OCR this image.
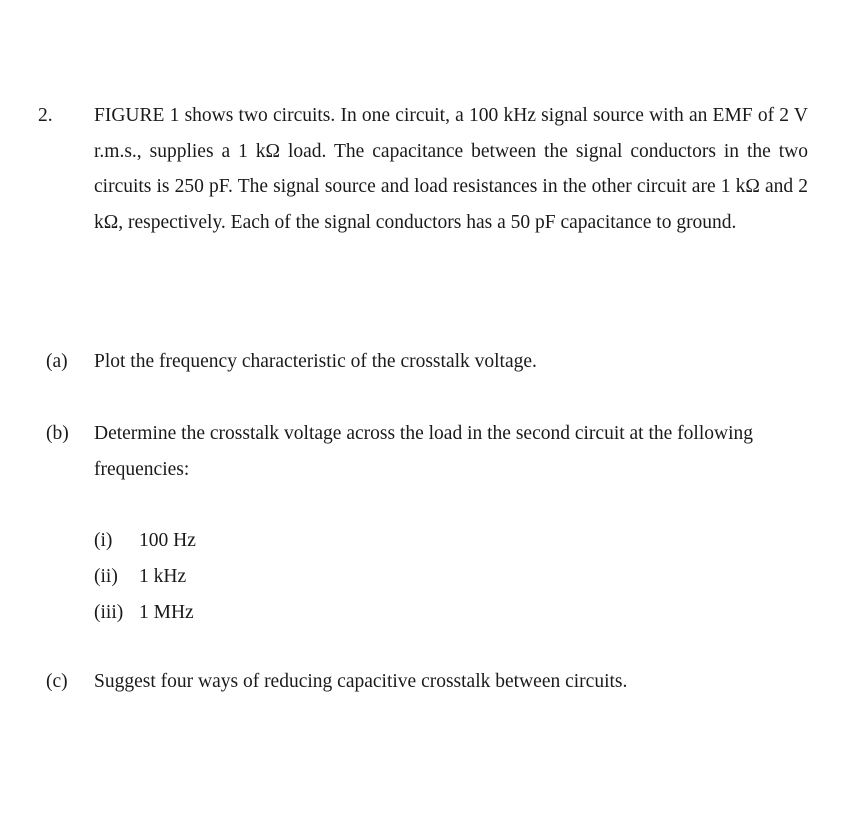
2.	FIGURE 1 shows two circuits. In one circuit, a 100 kHz signal source with an EMF of 2 V r.m.s., supplies a 1 kΩ load. The capacitance between the signal conductors in the two circuits is 250 pF. The signal source and load resistances in the other circuit are 1 kΩ and 2 kΩ, respectively. Each of the signal conductors has a 50 pF capacitance to ground.
(a)	Plot the frequency characteristic of the crosstalk voltage.
(b)	Determine the crosstalk voltage across the load in the second circuit at the following frequencies:
(i)	100 Hz
(ii)	1 kHz
(iii) 1 MHz
(c)	Suggest four ways of reducing capacitive crosstalk between circuits.
